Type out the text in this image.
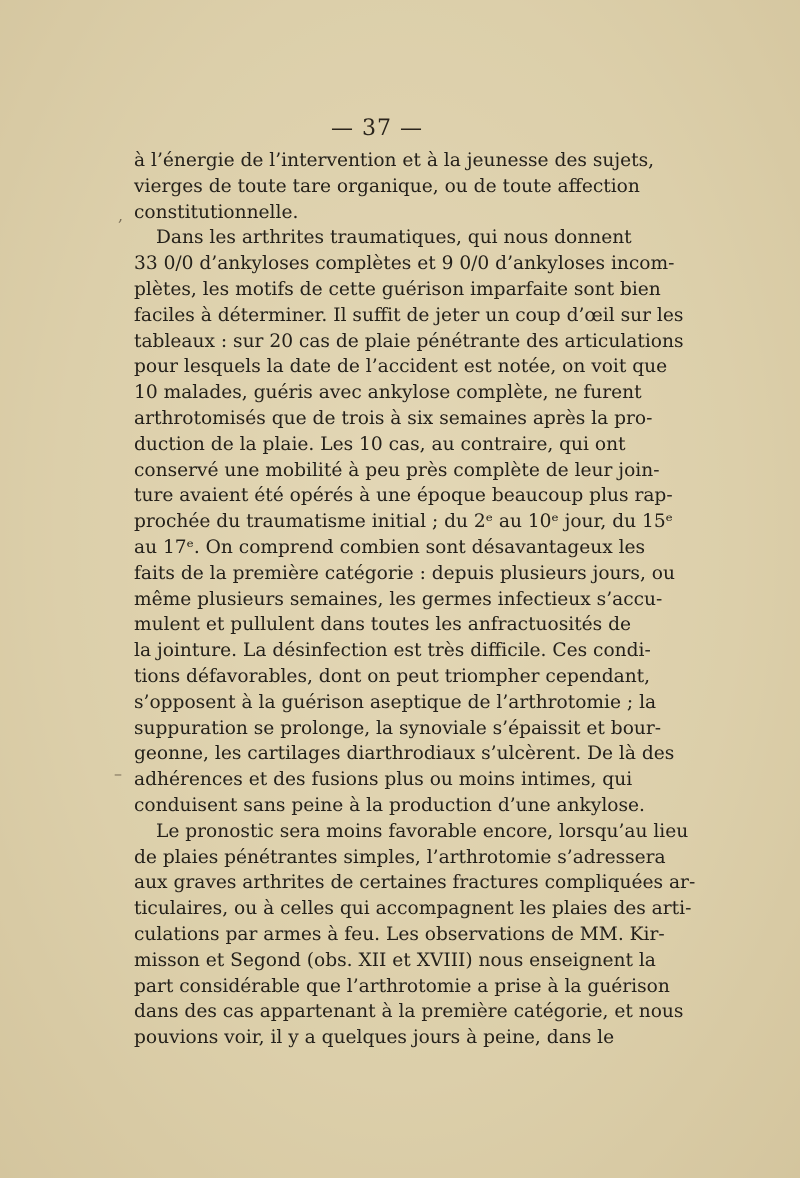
— 37 —
,
–
à l’énergie de l’intervention et à la jeunesse des sujets,
vierges de toute tare organique, ou de toute affection
constitutionnelle.
Dans les arthrites traumatiques, qui nous donnent
33 0/0 d’ankyloses complètes et 9 0/0 d’ankyloses incom-
plètes, les motifs de cette guérison imparfaite sont bien
faciles à déterminer. Il suffit de jeter un coup d’œil sur les
tableaux : sur 20 cas de plaie pénétrante des articulations
pour lesquels la date de l’accident est notée, on voit que
10 malades, guéris avec ankylose complète, ne furent
arthrotomisés que de trois à six semaines après la pro-
duction de la plaie. Les 10 cas, au contraire, qui ont
conservé une mobilité à peu près complète de leur join-
ture avaient été opérés à une époque beaucoup plus rap-
prochée du traumatisme initial ; du 2ᵉ au 10ᵉ jour, du 15ᵉ
au 17ᵉ. On comprend combien sont désavantageux les
faits de la première catégorie : depuis plusieurs jours, ou
même plusieurs semaines, les germes infectieux s’accu-
mulent et pullulent dans toutes les anfractuosités de
la jointure. La désinfection est très difficile. Ces condi-
tions défavorables, dont on peut triompher cependant,
s’opposent à la guérison aseptique de l’arthrotomie ; la
suppuration se prolonge, la synoviale s’épaissit et bour-
geonne, les cartilages diarthrodiaux s’ulcèrent. De là des
adhérences et des fusions plus ou moins intimes, qui
conduisent sans peine à la production d’une ankylose.
Le pronostic sera moins favorable encore, lorsqu’au lieu
de plaies pénétrantes simples, l’arthrotomie s’adressera
aux graves arthrites de certaines fractures compliquées ar-
ticulaires, ou à celles qui accompagnent les plaies des arti-
culations par armes à feu. Les observations de MM. Kir-
misson et Segond (obs. XII et XVIII) nous enseignent la
part considérable que l’arthrotomie a prise à la guérison
dans des cas appartenant à la première catégorie, et nous
pouvions voir, il y a quelques jours à peine, dans le
